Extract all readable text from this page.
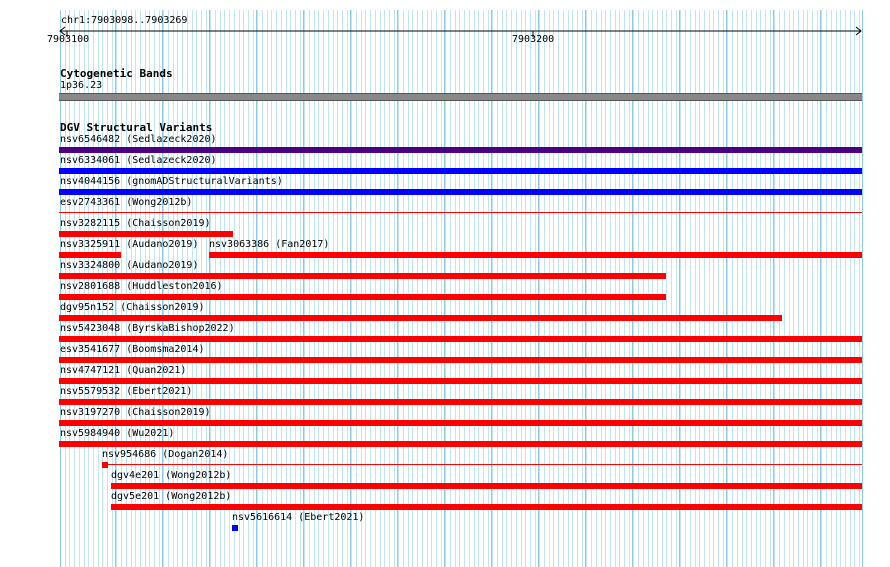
chr1:7903098..7903269
7903100	7903200
Cytogenetic Bands
1p36.23
DGV Structural Variants
nsv6546482 (Sedlazeck2020)
nsv6334061 (Sedlazeck2020)
nsv4044156 (gnomADStructuralVariants)
esv2743361 (Wong2012b)
nsv3282115 (Chaisson2019)
nsv3325911 (Audano2019) nsv3063386 (Fan2017)
nsv3324800 (Audano2019)
nsv2801688 (Huddleston2016)
dgv95n152 (Chaisson2019)
nsv5423048 (ByrskaBishop2022)
esv3541677 (Boomsma2014)
nsv4747121 (Quan2021)
nsv5579532 (Ebert2021)
nsv3197270 (Chaisson2019)
nsv5984940 (Wu2021)
nsv954686 (Dogan2014)
dgv4e201 (Wong2012b)
dgv5e201 (Wong2012b)
nsv5616614 (Ebert2021)
